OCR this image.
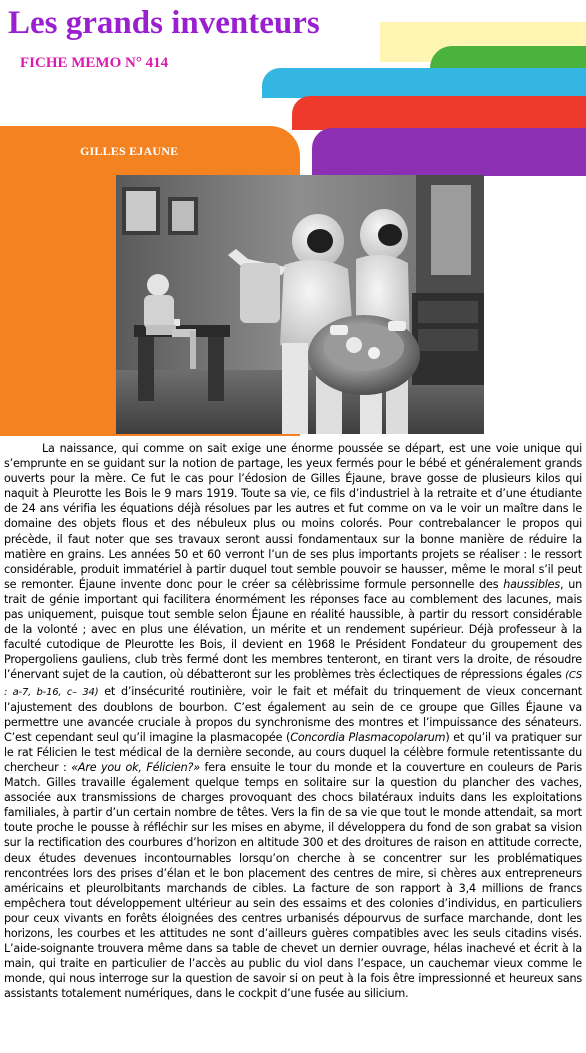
Les grands inventeurs
FICHE MEMO N° 414
GILLES EJAUNE

La naissance, qui comme on sait exige une énorme poussée se départ, est une voie unique qui s’emprunte en se guidant sur la notion de partage, les yeux fermés pour le bébé et généralement grands ouverts pour la mère. Ce fut le cas pour l’édosion de Gilles Éjaune, brave gosse de plusieurs kilos qui naquit à Pleurotte les Bois le 9 mars 1919. Toute sa vie, ce fils d’industriel à la retraite et d’une étudiante de 24 ans vérifia les équations déjà résolues par les autres et fut comme on va le voir un maître dans le domaine des objets flous et des nébuleux plus ou moins colorés. Pour contrebalancer le propos qui précède, il faut noter que ses travaux seront aussi fondamentaux sur la bonne manière de réduire la matière en grains. Les années 50 et 60 verront l’un de ses plus importants projets se réaliser : le ressort considérable, produit immatériel à partir duquel tout semble pouvoir se hausser, même le moral s’il peut se remonter. Éjaune invente donc pour le créer sa célèbrissime formule personnelle des haussibles, un trait de génie important qui facilitera énormément les réponses face au comblement des lacunes, mais pas uniquement, puisque tout semble selon Éjaune en réalité haussible, à partir du ressort considérable de la volonté ; avec en plus une élévation, un mérite et un rendement supérieur. Déjà professeur à la faculté cutodique de Pleurotte les Bois, il devient en 1968 le Président Fondateur du groupement des Propergoliens gauliens, club très fermé dont les membres tenteront, en tirant vers la droite, de résoudre l’énervant sujet de la caution, où débatteront sur les problèmes très éclectiques de répressions égales (CS : a-7, b-16, c– 34) et d’insécurité routinière, voir le fait et méfait du trinquement de vieux concernant l’ajustement des doublons de bourbon. C’est également au sein de ce groupe que Gilles Éjaune va permettre une avancée cruciale à propos du synchronisme des montres et l’impuissance des sénateurs. C’est cependant seul qu’il imagine la plasmacopée (Concordia Plasmacopolarum) et qu’il va pratiquer sur le rat Félicien le test médical de la dernière seconde, au cours duquel la célèbre formule retentissante du chercheur : «Are you ok, Félicien?» fera ensuite le tour du monde et la couverture en couleurs de Paris Match. Gilles travaille également quelque temps en solitaire sur la question du plancher des vaches, associée aux transmissions de charges provoquant des chocs bilatéraux induits dans les exploitations familiales, à partir d’un certain nombre de têtes. Vers la fin de sa vie que tout le monde attendait, sa mort toute proche le pousse à réfléchir sur les mises en abyme, il développera du fond de son grabat sa vision sur la rectification des courbures d’horizon en altitude 300 et des droitures de raison en attitude correcte, deux études devenues incontournables lorsqu’on cherche à se concentrer sur les problématiques rencontrées lors des prises d’élan et le bon placement des centres de mire, si chères aux entrepreneurs américains et pleurolbitants marchands de cibles. La facture de son rapport à 3,4 millions de francs empêchera tout développement ultérieur au sein des essaims et des colonies d’individus, en particuliers pour ceux vivants en forêts éloignées des centres urbanisés dépourvus de surface marchande, dont les horizons, les courbes et les attitudes ne sont d’ailleurs guères compatibles avec les seuls citadins visés. L’aide-soignante trouvera même dans sa table de chevet un dernier ouvrage, hélas inachevé et écrit à la main, qui traite en particulier de l’accès au public du viol dans l’espace, un cauchemar vieux comme le monde, qui nous interroge sur la question de savoir si on peut à la fois être impressionné et heureux sans assistants totalement numériques, dans le cockpit d’une fusée au silicium.
